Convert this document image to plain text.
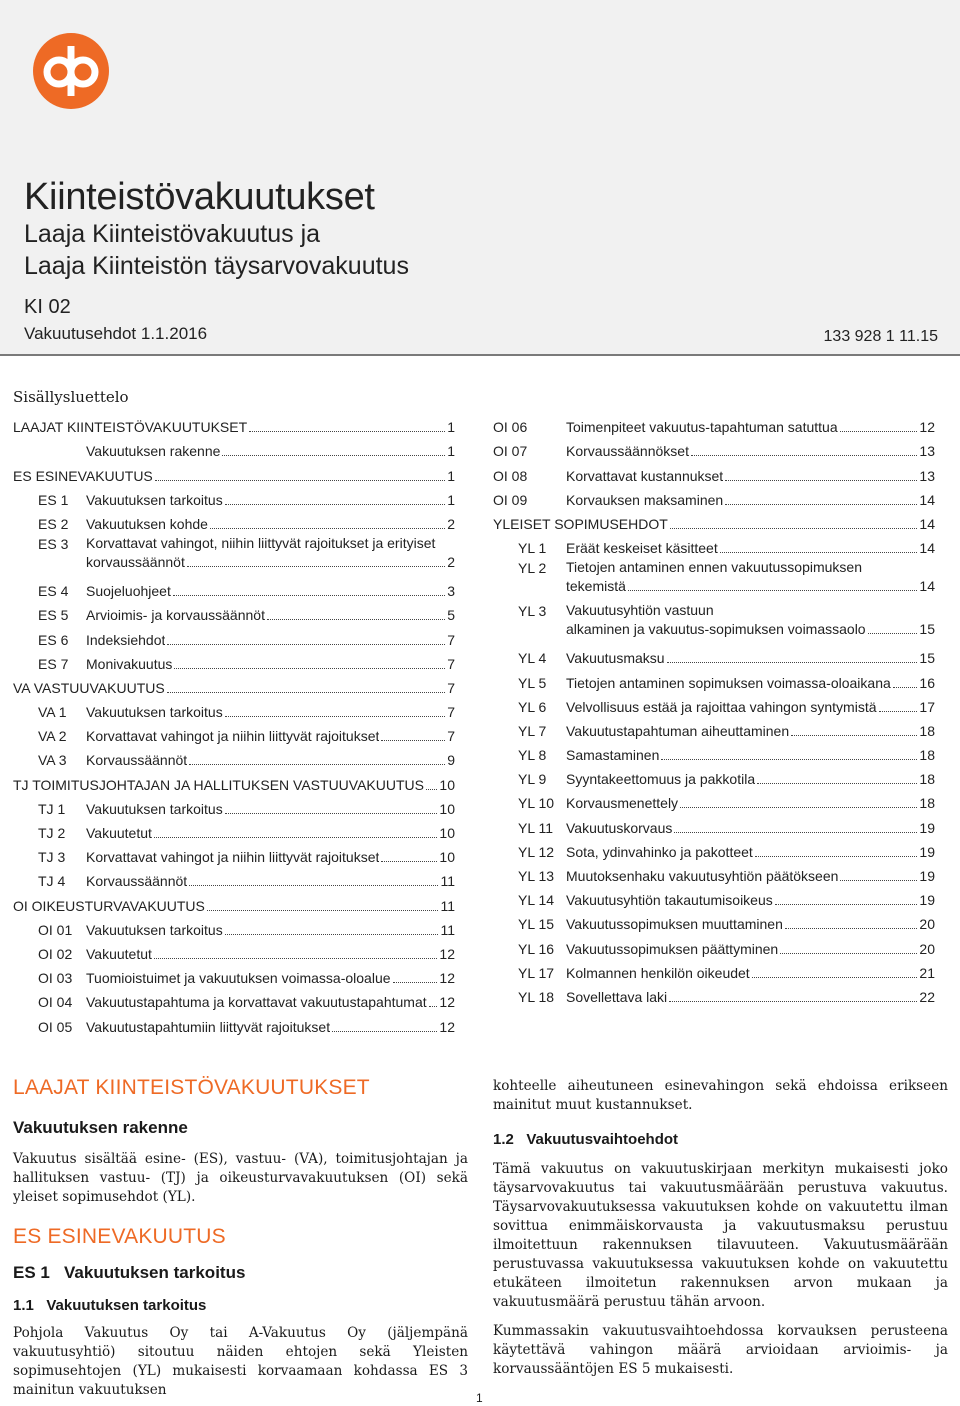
Kiinteistövakuutukset
Laaja Kiinteistövakuutus ja
Laaja Kiinteistön täysarvovakuutus
KI 02
Vakuutusehdot 1.1.2016	133 928 1 11.15
Sisällysluettelo
LAAJAT KIINTEISTÖVAKUUTUKSET	1
Vakuutuksen rakenne	1
ES ESINEVAKUUTUS	1
ES 1	Vakuutuksen tarkoitus	1
ES 2	Vakuutuksen kohde	2
ES 3	Korvattavat vahingot, niihin liittyvät rajoitukset ja erityiset
korvaussäännöt	2
ES 4	Suojeluohjeet	3
ES 5	Arvioimis- ja korvaussäännöt	5
ES 6	Indeksiehdot	7
ES 7	Monivakuutus	7
VA VASTUUVAKUUTUS	7
VA 1	Vakuutuksen tarkoitus	7
VA 2	Korvattavat vahingot ja niihin liittyvät rajoitukset	7
VA 3	Korvaussäännöt	9
TJ TOIMITUSJOHTAJAN JA HALLITUKSEN VASTUUVAKUUTUS 10
TJ 1	Vakuutuksen tarkoitus	10
TJ 2	Vakuutetut	10
TJ 3	Korvattavat vahingot ja niihin liittyvät rajoitukset	10
TJ 4	Korvaussäännöt	11
OI OIKEUSTURVAVAKUUTUS	11
OI 01 Vakuutuksen tarkoitus	11
OI 02 Vakuutetut	12
OI 03 Tuomioistuimet ja vakuutuksen voimassa-oloalue	12
OI 04 Vakuutustapahtuma ja korvattavat vakuutustapahtumat 12
OI 05 Vakuutustapahtumiin liittyvät rajoitukset	12
OI 06	Toimenpiteet vakuutus-tapahtuman satuttua	12
OI 07	Korvaussäännökset	13
OI 08	Korvattavat kustannukset	13
OI 09	Korvauksen maksaminen	14
YLEISET SOPIMUSEHDOT	14
YL 1	Eräät keskeiset käsitteet	14
YL 2	Tietojen antaminen ennen vakuutussopimuksen
tekemistä	14
YL 3	Vakuutusyhtiön vastuun
alkaminen ja vakuutus-sopimuksen voimassaolo	15
YL 4	Vakuutusmaksu	15
YL 5	Tietojen antaminen sopimuksen voimassa-oloaikana 16
YL 6	Velvollisuus estää ja rajoittaa vahingon syntymistä	17
YL 7	Vakuutustapahtuman aiheuttaminen	18
YL 8	Samastaminen	18
YL 9	Syyntakeettomuus ja pakkotila	18
YL 10 Korvausmenettely	18
YL 11 Vakuutuskorvaus	19
YL 12 Sota, ydinvahinko ja pakotteet	19
YL 13 Muutoksenhaku vakuutusyhtiön päätökseen	19
YL 14 Vakuutusyhtiön takautumisoikeus	19
YL 15 Vakuutussopimuksen muuttaminen	20
YL 16 Vakuutussopimuksen päättyminen	20
YL 17 Kolmannen henkilön oikeudet	21
YL 18 Sovellettava laki	22
LAAJAT KIINTEISTÖVAKUUTUKSET
Vakuutuksen rakenne

Vakuutus sisältää esine- (ES), vastuu- (VA), toimitusjohtajan ja hallituksen vastuu- (TJ) ja oikeusturvavakuutuksen (OI) sekä yleiset sopimusehdot (YL).

ES ESINEVAKUUTUS
ES 1   Vakuutuksen tarkoitus
1.1   Vakuutuksen tarkoitus

Pohjola Vakuutus Oy tai A-Vakuutus Oy (jäljempänä vakuutusyhtiö) sitoutuu näiden ehtojen sekä Yleisten sopimusehtojen (YL) mukaisesti korvaamaan kohdassa ES 3 mainitun vakuutuksen

kohteelle aiheutuneen esinevahingon sekä ehdoissa erikseen mainitut muut kustannukset.

1.2   Vakuutusvaihtoehdot

Tämä vakuutus on vakuutuskirjaan merkityn mukaisesti joko täysarvovakuutus tai vakuutusmäärään perustuva vakuutus. Täysarvovakuutuksessa vakuutuksen kohde on vakuutettu ilman sovittua enimmäiskorvausta ja vakuutusmaksu perustuu ilmoitettuun rakennuksen tilavuuteen. Vakuutusmäärään perustuvassa vakuutuksessa vakuutuksen kohde on vakuutettu etukäteen ilmoitetun rakennuksen arvon mukaan ja vakuutusmäärä perustuu tähän arvoon.

Kummassakin vakuutusvaihtoehdossa korvauksen perusteena käytettävä vahingon määrä arvioidaan arvioimis- ja korvaussääntöjen ES 5 mukaisesti.

1
